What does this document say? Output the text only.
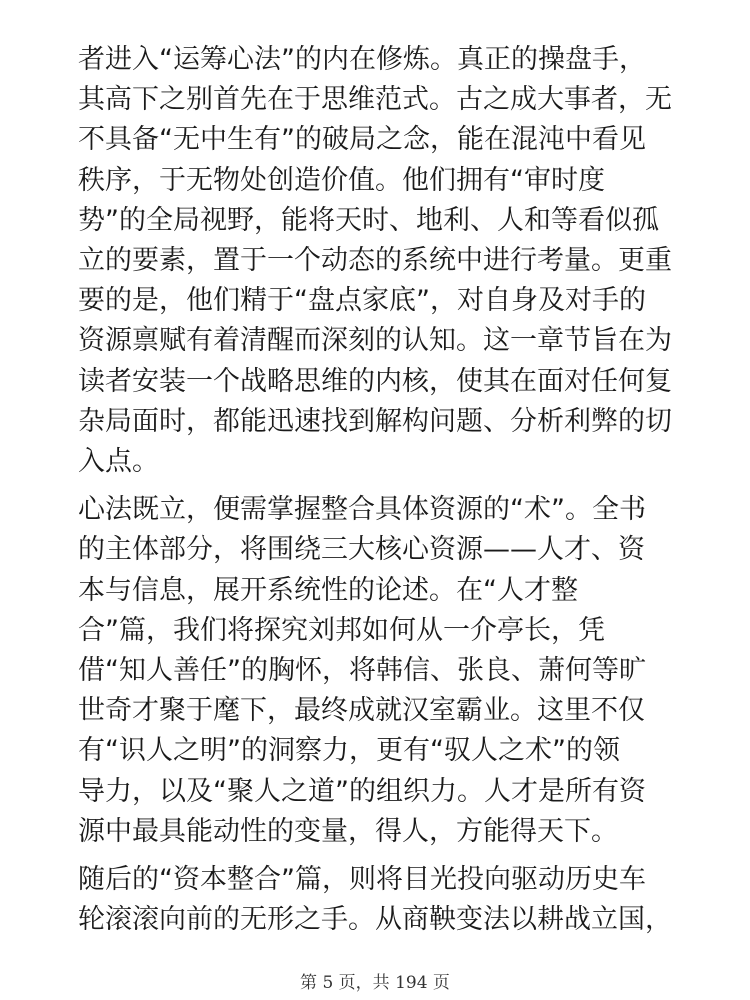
者进入“运筹心法”的内在修炼。真正的操盘手，
其高下之别首先在于思维范式。古之成大事者，无
不具备“无中生有”的破局之念，能在混沌中看见
秩序，于无物处创造价值。他们拥有“审时度
势”的全局视野，能将天时、地利、人和等看似孤
立的要素，置于一个动态的系统中进行考量。更重
要的是，他们精于“盘点家底”，对自身及对手的
资源禀赋有着清醒而深刻的认知。这一章节旨在为
读者安装一个战略思维的内核，使其在面对任何复
杂局面时，都能迅速找到解构问题、分析利弊的切
入点。
心法既立，便需掌握整合具体资源的“术”。全书
的主体部分，将围绕三大核心资源——人才、资
本与信息，展开系统性的论述。在“人才整
合”篇，我们将探究刘邦如何从一介亭长，凭
借“知人善任”的胸怀，将韩信、张良、萧何等旷
世奇才聚于麾下，最终成就汉室霸业。这里不仅
有“识人之明”的洞察力，更有“驭人之术”的领
导力，以及“聚人之道”的组织力。人才是所有资
源中最具能动性的变量，得人，方能得天下。
随后的“资本整合”篇，则将目光投向驱动历史车
轮滚滚向前的无形之手。从商鞅变法以耕战立国，
第 5 页，共 194 页
